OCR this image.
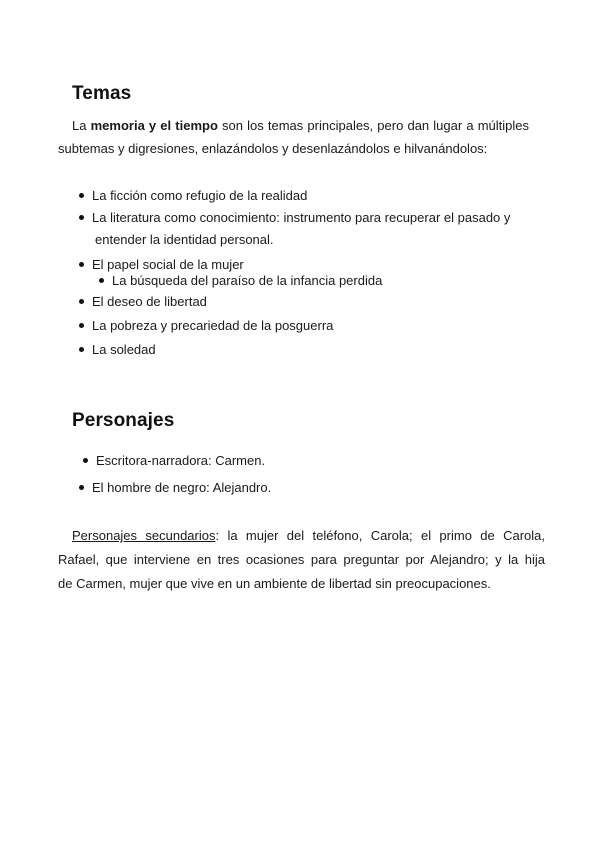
Temas
La memoria y el tiempo son los temas principales, pero dan lugar a múltiples
subtemas y digresiones, enlazándolos y desenlazándolos e hilvanándolos:
La ficción como refugio de la realidad
La literatura como conocimiento: instrumento para recuperar el pasado y
entender la identidad personal.
El papel social de la mujer
La búsqueda del paraíso de la infancia perdida
El deseo de libertad
La pobreza y precariedad de la posguerra
La soledad
Personajes
Escritora-narradora: Carmen.
El hombre de negro: Alejandro.
Personajes secundarios: la mujer del teléfono, Carola; el primo de Carola,
Rafael, que interviene en tres ocasiones para preguntar por Alejandro; y la hija
de Carmen, mujer que vive en un ambiente de libertad sin preocupaciones.
